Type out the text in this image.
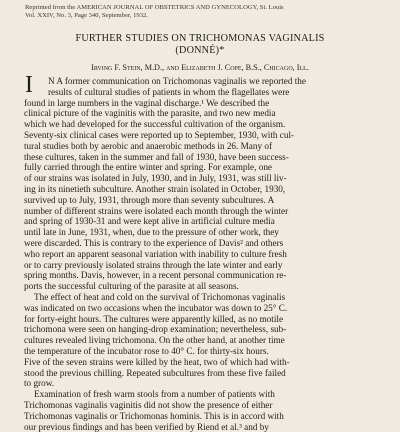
Reprinted from the AMERICAN JOURNAL OF OBSTETRICS AND GYNECOLOGY, St. Louis
Vol. XXIV, No. 3, Page 340, September, 1932.
FURTHER STUDIES ON TRICHOMONAS VAGINALIS
(DONNÉ)*
Irving F. Stein, M.D., and Elizabeth J. Cope, B.S., Chicago, Ill.
I N A former communication on Trichomonas vaginalis we reported the
results of cultural studies of patients in whom the flagellates were
found in large numbers in the vaginal discharge.¹ We described the
clinical picture of the vaginitis with the parasite, and two new media
which we had developed for the successful cultivation of the organism.
Seventy-six clinical cases were reported up to September, 1930, with cul-
tural studies both by aerobic and anaerobic methods in 26. Many of
these cultures, taken in the summer and fall of 1930, have been success-
fully carried through the entire winter and spring. For example, one
of our strains was isolated in July, 1930, and in July, 1931, was still liv-
ing in its ninetieth subculture. Another strain isolated in October, 1930,
survived up to July, 1931, through more than seventy subcultures. A
number of different strains were isolated each month through the winter
and spring of 1930-31 and were kept alive in artificial culture media
until late in June, 1931, when, due to the pressure of other work, they
were discarded. This is contrary to the experience of Davis² and others
who report an apparent seasonal variation with inability to culture fresh
or to carry previously isolated strains through the late winter and early
spring months. Davis, however, in a recent personal communication re-
ports the successful culturing of the parasite at all seasons.
The effect of heat and cold on the survival of Trichomonas vaginalis
was indicated on two occasions when the incubator was down to 25° C.
for forty-eight hours. The cultures were apparently killed, as no motile
trichomona were seen on hanging-drop examination; nevertheless, sub-
cultures revealed living trichomona. On the other hand, at another time
the temperature of the incubator rose to 40° C. for thirty-six hours.
Five of the seven strains were killed by the heat, two of which had with-
stood the previous chilling. Repeated subcultures from these five failed
to grow.
Examination of fresh warm stools from a number of patients with
Trichomonas vaginalis vaginitis did not show the presence of either
Trichomonas vaginalis or Trichomonas hominis. This is in accord with
our previous findings and has been verified by Riend et al.³ and by
